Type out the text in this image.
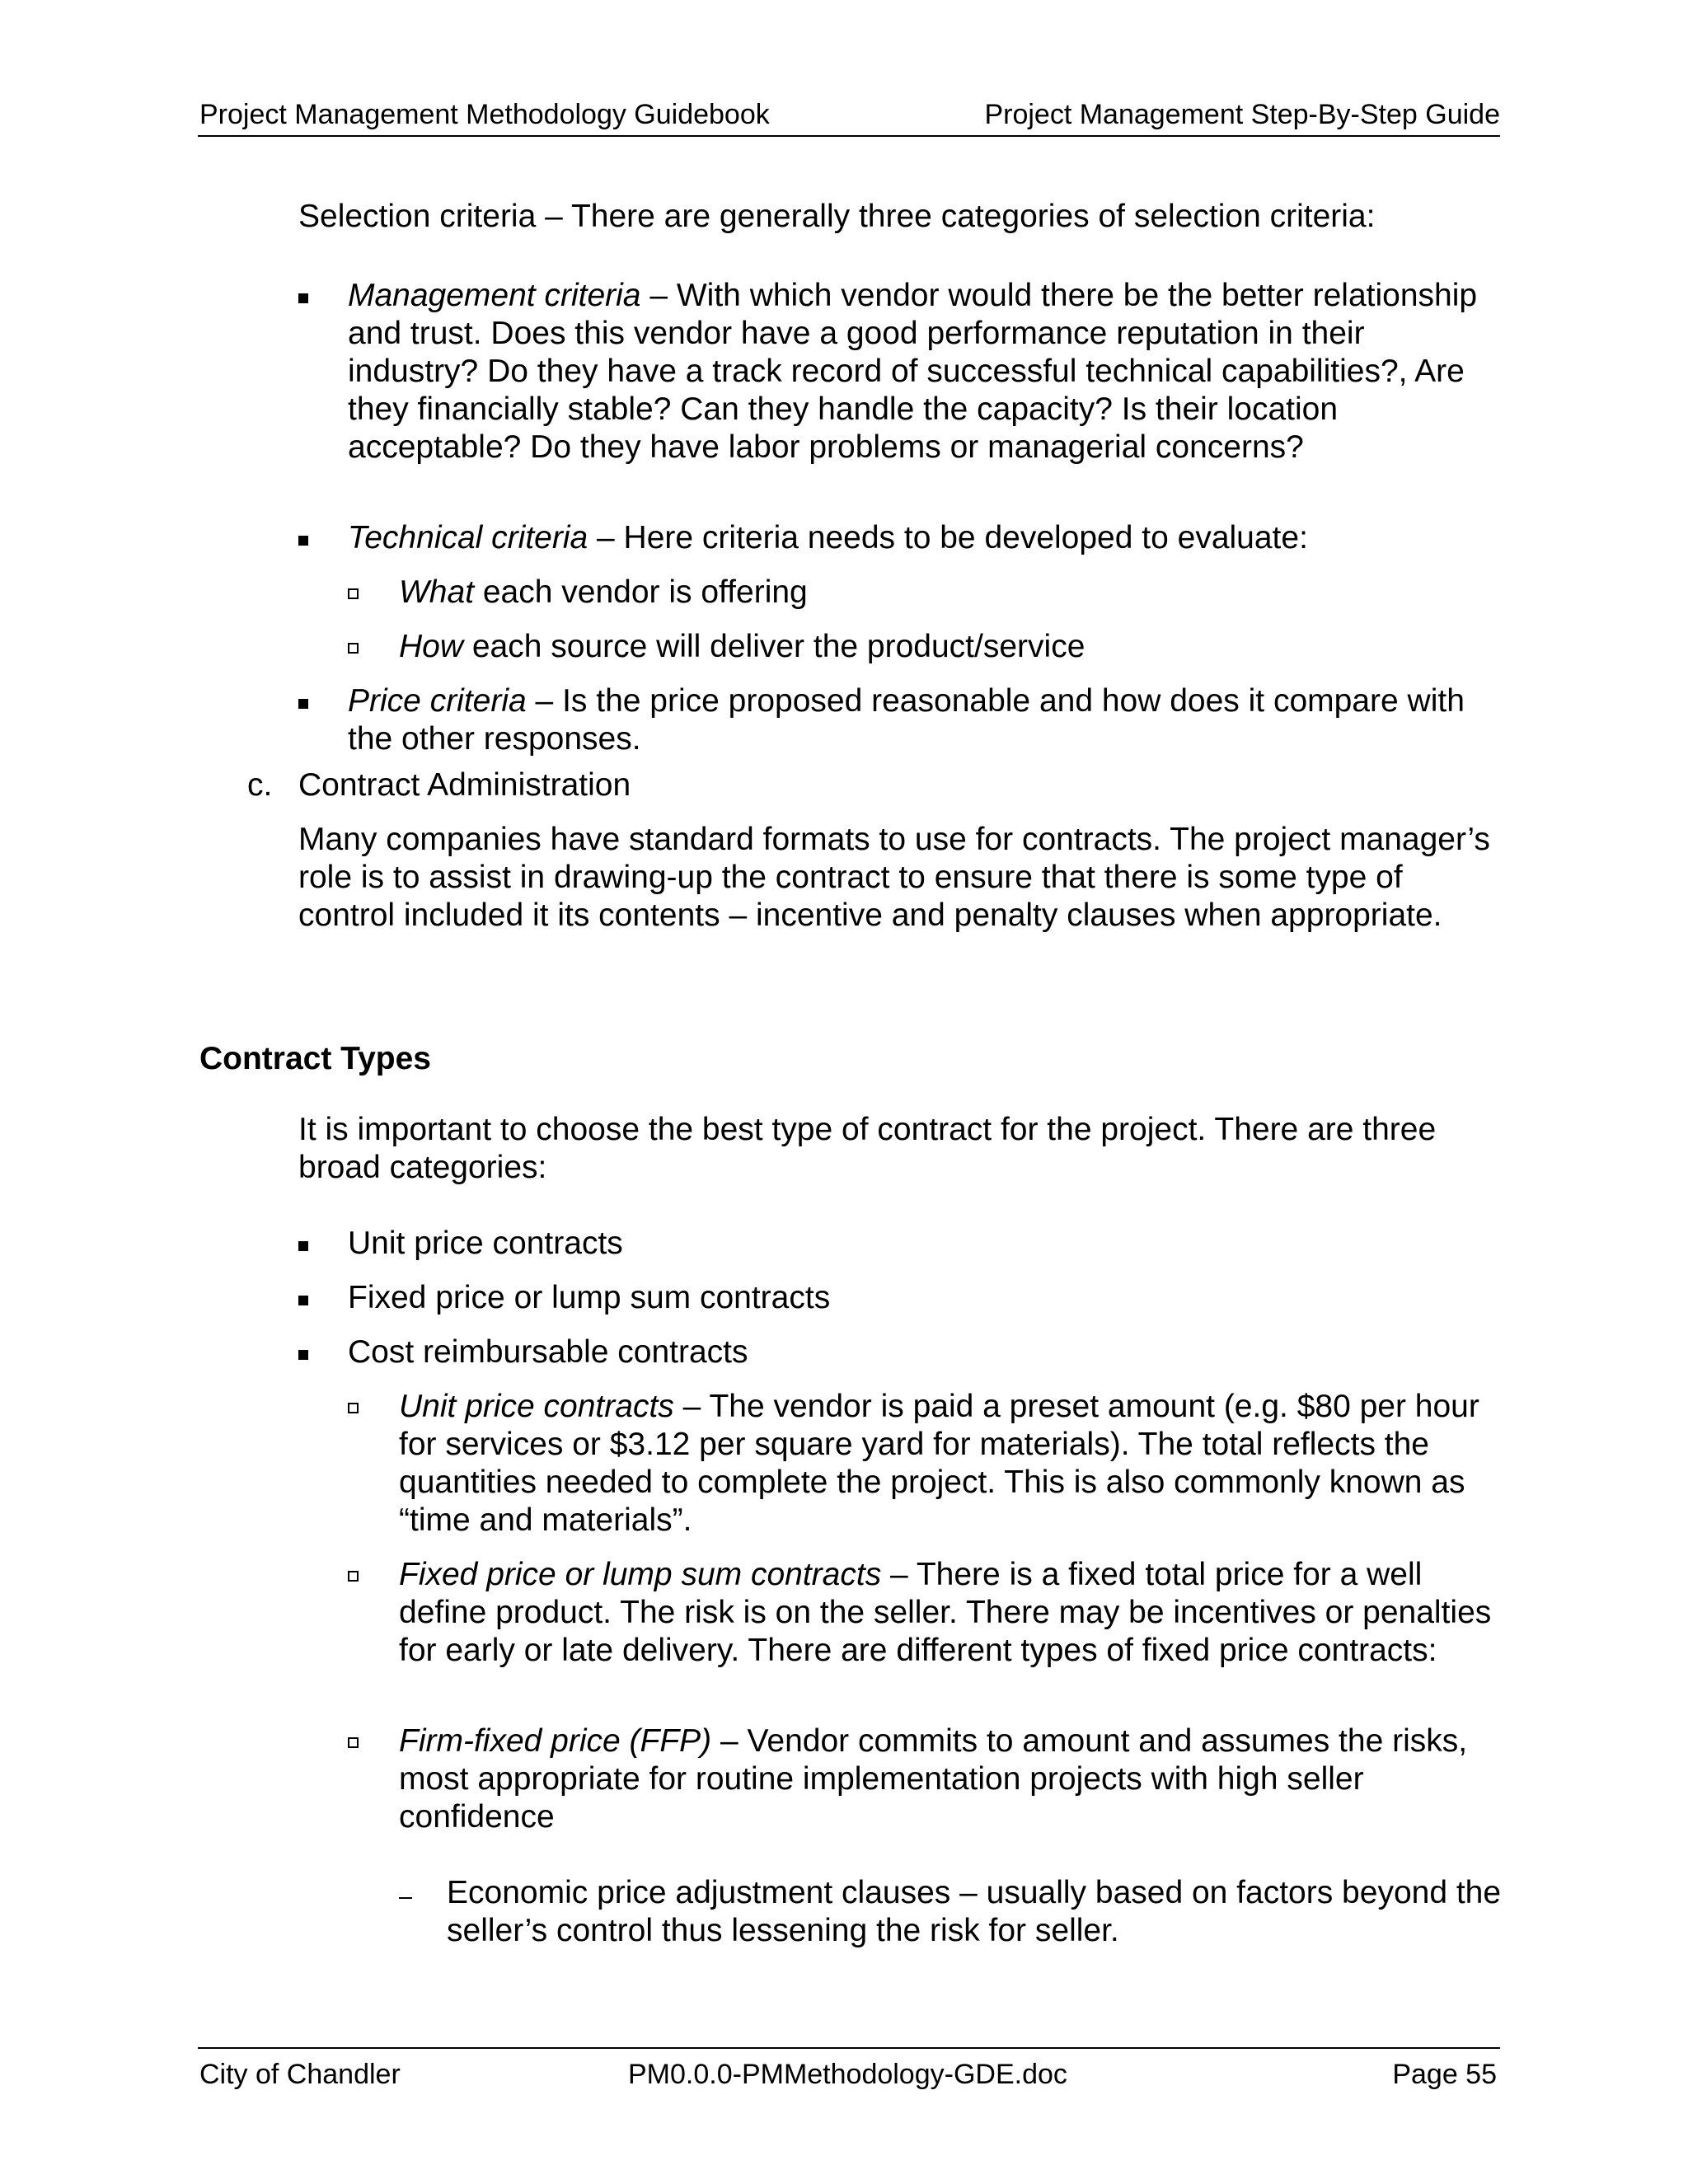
Project Management Methodology Guidebook	Project Management Step-By-Step Guide
Selection criteria – There are generally three categories of selection criteria:
Management criteria – With which vendor would there be the better relationship and trust. Does this vendor have a good performance reputation in their industry? Do they have a track record of successful technical capabilities?, Are they financially stable? Can they handle the capacity? Is their location acceptable? Do they have labor problems or managerial concerns?
Technical criteria – Here criteria needs to be developed to evaluate:
What each vendor is offering
How each source will deliver the product/service
Price criteria – Is the price proposed reasonable and how does it compare with the other responses.
c. Contract Administration
Many companies have standard formats to use for contracts. The project manager’s role is to assist in drawing-up the contract to ensure that there is some type of control included it its contents – incentive and penalty clauses when appropriate.
Contract Types
It is important to choose the best type of contract for the project. There are three broad categories:
Unit price contracts
Fixed price or lump sum contracts
Cost reimbursable contracts
Unit price contracts – The vendor is paid a preset amount (e.g. $80 per hour for services or $3.12 per square yard for materials). The total reflects the quantities needed to complete the project. This is also commonly known as “time and materials”.
Fixed price or lump sum contracts – There is a fixed total price for a well define product. The risk is on the seller. There may be incentives or penalties for early or late delivery. There are different types of fixed price contracts:
Firm-fixed price (FFP) – Vendor commits to amount and assumes the risks, most appropriate for routine implementation projects with high seller confidence
Economic price adjustment clauses – usually based on factors beyond the seller’s control thus lessening the risk for seller.
City of Chandler	PM0.0.0-PMMethodology-GDE.doc	Page 55
